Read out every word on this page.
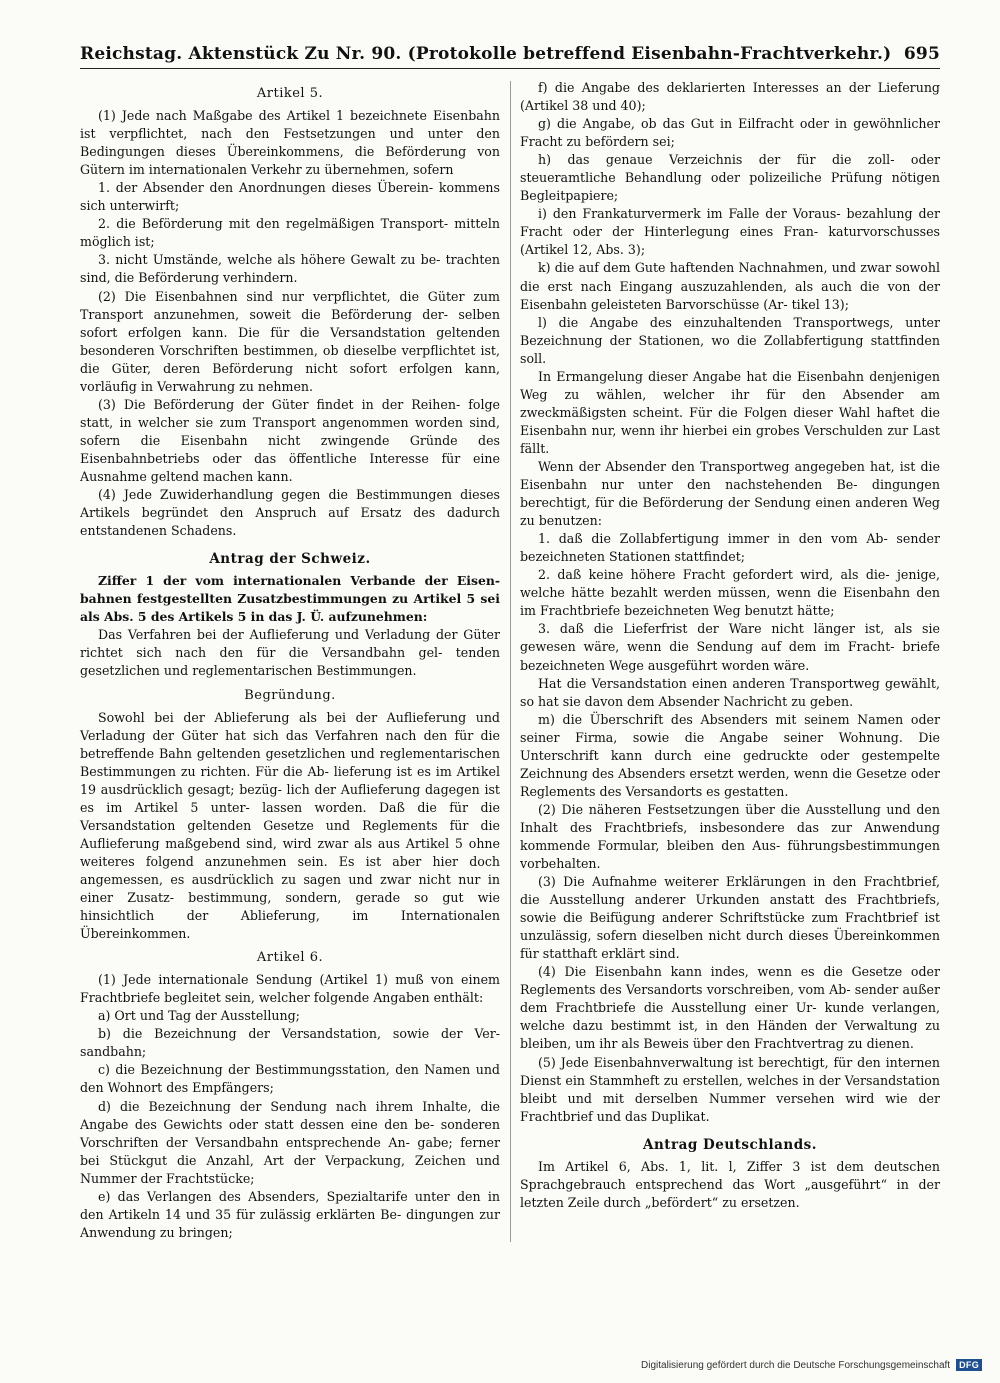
Reichstag. Aktenstück Zu Nr. 90. (Protokolle betreffend Eisenbahn-Frachtverkehr.) 695
Artikel 5.

(1) Jede nach Maßgabe des Artikel 1 bezeichnete Eisenbahn ist verpflichtet, nach den Festsetzungen und unter den Bedingungen dieses Übereinkommens, die Beförderung von Gütern im internationalen Verkehr zu übernehmen, sofern

1. der Absender den Anordnungen dieses Überein- kommens sich unterwirft;

2. die Beförderung mit den regelmäßigen Transport- mitteln möglich ist;

3. nicht Umstände, welche als höhere Gewalt zu be- trachten sind, die Beförderung verhindern.

(2) Die Eisenbahnen sind nur verpflichtet, die Güter zum Transport anzunehmen, soweit die Beförderung der- selben sofort erfolgen kann. Die für die Versandstation geltenden besonderen Vorschriften bestimmen, ob dieselbe verpflichtet ist, die Güter, deren Beförderung nicht sofort erfolgen kann, vorläufig in Verwahrung zu nehmen.

(3) Die Beförderung der Güter findet in der Reihen- folge statt, in welcher sie zum Transport angenommen worden sind, sofern die Eisenbahn nicht zwingende Gründe des Eisenbahnbetriebs oder das öffentliche Interesse für eine Ausnahme geltend machen kann.

(4) Jede Zuwiderhandlung gegen die Bestimmungen dieses Artikels begründet den Anspruch auf Ersatz des dadurch entstandenen Schadens.

Antrag der Schweiz.

Ziffer 1 der vom internationalen Verbande der Eisen- bahnen festgestellten Zusatzbestimmungen zu Artikel 5 sei als Abs. 5 des Artikels 5 in das J. Ü. aufzunehmen:

Das Verfahren bei der Auflieferung und Verladung der Güter richtet sich nach den für die Versandbahn gel- tenden gesetzlichen und reglementarischen Bestimmungen.

Begründung.

Sowohl bei der Ablieferung als bei der Auflieferung und Verladung der Güter hat sich das Verfahren nach den für die betreffende Bahn geltenden gesetzlichen und reglementarischen Bestimmungen zu richten. Für die Ab- lieferung ist es im Artikel 19 ausdrücklich gesagt; bezüg- lich der Auflieferung dagegen ist es im Artikel 5 unter- lassen worden. Daß die für die Versandstation geltenden Gesetze und Reglements für die Auflieferung maßgebend sind, wird zwar als aus Artikel 5 ohne weiteres folgend anzunehmen sein. Es ist aber hier doch angemessen, es ausdrücklich zu sagen und zwar nicht nur in einer Zusatz- bestimmung, sondern, gerade so gut wie hinsichtlich der Ablieferung, im Internationalen Übereinkommen.

Artikel 6.

(1) Jede internationale Sendung (Artikel 1) muß von einem Frachtbriefe begleitet sein, welcher folgende Angaben enthält:

a) Ort und Tag der Ausstellung;

b) die Bezeichnung der Versandstation, sowie der Ver- sandbahn;

c) die Bezeichnung der Bestimmungsstation, den Namen und den Wohnort des Empfängers;

d) die Bezeichnung der Sendung nach ihrem Inhalte, die Angabe des Gewichts oder statt dessen eine den be- sonderen Vorschriften der Versandbahn entsprechende An- gabe; ferner bei Stückgut die Anzahl, Art der Verpackung, Zeichen und Nummer der Frachtstücke;

e) das Verlangen des Absenders, Spezialtarife unter den in den Artikeln 14 und 35 für zulässig erklärten Be- dingungen zur Anwendung zu bringen;

f) die Angabe des deklarierten Interesses an der Lieferung (Artikel 38 und 40);

g) die Angabe, ob das Gut in Eilfracht oder in gewöhnlicher Fracht zu befördern sei;

h) das genaue Verzeichnis der für die zoll- oder steueramtliche Behandlung oder polizeiliche Prüfung nötigen Begleitpapiere;

i) den Frankaturvermerk im Falle der Voraus- bezahlung der Fracht oder der Hinterlegung eines Fran- katurvorschusses (Artikel 12, Abs. 3);

k) die auf dem Gute haftenden Nachnahmen, und zwar sowohl die erst nach Eingang auszuzahlenden, als auch die von der Eisenbahn geleisteten Barvorschüsse (Ar- tikel 13);

l) die Angabe des einzuhaltenden Transportwegs, unter Bezeichnung der Stationen, wo die Zollabfertigung stattfinden soll.

In Ermangelung dieser Angabe hat die Eisenbahn denjenigen Weg zu wählen, welcher ihr für den Absender am zweckmäßigsten scheint. Für die Folgen dieser Wahl haftet die Eisenbahn nur, wenn ihr hierbei ein grobes Verschulden zur Last fällt.

Wenn der Absender den Transportweg angegeben hat, ist die Eisenbahn nur unter den nachstehenden Be- dingungen berechtigt, für die Beförderung der Sendung einen anderen Weg zu benutzen:

1. daß die Zollabfertigung immer in den vom Ab- sender bezeichneten Stationen stattfindet;

2. daß keine höhere Fracht gefordert wird, als die- jenige, welche hätte bezahlt werden müssen, wenn die Eisenbahn den im Frachtbriefe bezeichneten Weg benutzt hätte;

3. daß die Lieferfrist der Ware nicht länger ist, als sie gewesen wäre, wenn die Sendung auf dem im Fracht- briefe bezeichneten Wege ausgeführt worden wäre.

Hat die Versandstation einen anderen Transportweg gewählt, so hat sie davon dem Absender Nachricht zu geben.

m) die Überschrift des Absenders mit seinem Namen oder seiner Firma, sowie die Angabe seiner Wohnung. Die Unterschrift kann durch eine gedruckte oder gestempelte Zeichnung des Absenders ersetzt werden, wenn die Gesetze oder Reglements des Versandorts es gestatten.

(2) Die näheren Festsetzungen über die Ausstellung und den Inhalt des Frachtbriefs, insbesondere das zur Anwendung kommende Formular, bleiben den Aus- führungsbestimmungen vorbehalten.

(3) Die Aufnahme weiterer Erklärungen in den Frachtbrief, die Ausstellung anderer Urkunden anstatt des Frachtbriefs, sowie die Beifügung anderer Schriftstücke zum Frachtbrief ist unzulässig, sofern dieselben nicht durch dieses Übereinkommen für statthaft erklärt sind.

(4) Die Eisenbahn kann indes, wenn es die Gesetze oder Reglements des Versandorts vorschreiben, vom Ab- sender außer dem Frachtbriefe die Ausstellung einer Ur- kunde verlangen, welche dazu bestimmt ist, in den Händen der Verwaltung zu bleiben, um ihr als Beweis über den Frachtvertrag zu dienen.

(5) Jede Eisenbahnverwaltung ist berechtigt, für den internen Dienst ein Stammheft zu erstellen, welches in der Versandstation bleibt und mit derselben Nummer versehen wird wie der Frachtbrief und das Duplikat.

Antrag Deutschlands.

Im Artikel 6, Abs. 1, lit. l, Ziffer 3 ist dem deutschen Sprachgebrauch entsprechend das Wort „ausgeführt“ in der letzten Zeile durch „befördert“ zu ersetzen.

Digitalisierung gefördert durch die Deutsche Forschungsgemeinschaft	DFG
